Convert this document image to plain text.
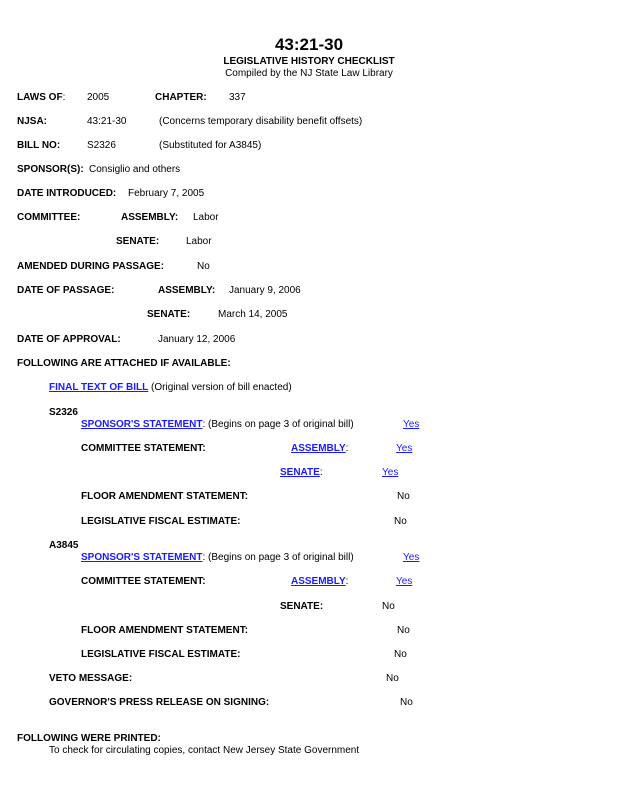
43:21-30
LEGISLATIVE HISTORY CHECKLIST
Compiled by the NJ State Law Library
LAWS OF: 2005	CHAPTER: 337
NJSA:	43:21-30	(Concerns temporary disability benefit offsets)
BILL NO:	S2326	(Substituted for A3845)
SPONSOR(S): Consiglio and others
DATE INTRODUCED: February 7, 2005
COMMITTEE:	ASSEMBLY: Labor
SENATE:	Labor
AMENDED DURING PASSAGE:	No
DATE OF PASSAGE:	ASSEMBLY: January 9, 2006
SENATE:	March 14, 2005
DATE OF APPROVAL:	January 12, 2006
FOLLOWING ARE ATTACHED IF AVAILABLE:
FINAL TEXT OF BILL (Original version of bill enacted)
S2326
SPONSOR'S STATEMENT: (Begins on page 3 of original bill)	Yes
COMMITTEE STATEMENT:	ASSEMBLY:	Yes
SENATE:	Yes
FLOOR AMENDMENT STATEMENT:	No
LEGISLATIVE FISCAL ESTIMATE:	No
A3845
SPONSOR'S STATEMENT: (Begins on page 3 of original bill)	Yes
COMMITTEE STATEMENT:	ASSEMBLY:	Yes
SENATE:	No
FLOOR AMENDMENT STATEMENT:	No
LEGISLATIVE FISCAL ESTIMATE:	No
VETO MESSAGE:	No
GOVERNOR'S PRESS RELEASE ON SIGNING:	No
FOLLOWING WERE PRINTED:
To check for circulating copies, contact New Jersey State Government
